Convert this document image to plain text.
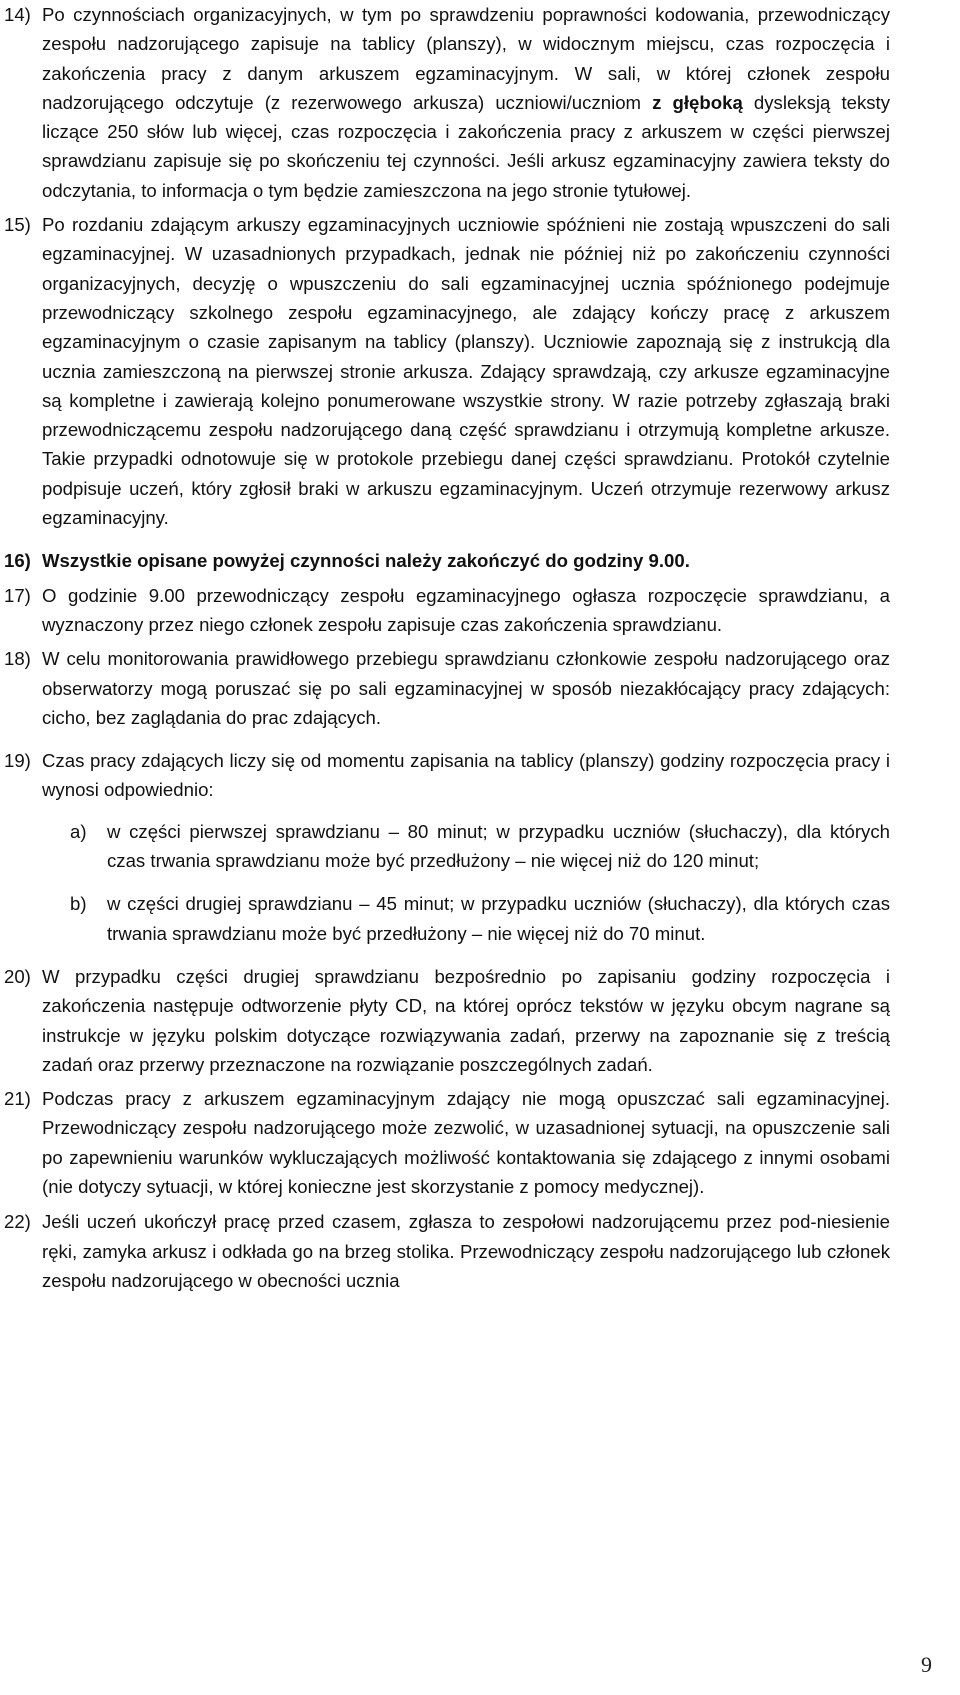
14) Po czynnościach organizacyjnych, w tym po sprawdzeniu poprawności kodowania, przewodniczący zespołu nadzorującego zapisuje na tablicy (planszy), w widocznym miejscu, czas rozpoczęcia i zakończenia pracy z danym arkuszem egzaminacyjnym. W sali, w której członek zespołu nadzorującego odczytuje (z rezerwowego arkusza) uczniowi/uczniom z głęboką dysleksją teksty liczące 250 słów lub więcej, czas rozpoczęcia i zakończenia pracy z arkuszem w części pierwszej sprawdzianu zapisuje się po skończeniu tej czynności. Jeśli arkusz egzaminacyjny zawiera teksty do odczytania, to informacja o tym będzie zamieszczona na jego stronie tytułowej.

15) Po rozdaniu zdającym arkuszy egzaminacyjnych uczniowie spóźnieni nie zostają wpuszczeni do sali egzaminacyjnej. W uzasadnionych przypadkach, jednak nie później niż po zakończeniu czynności organizacyjnych, decyzję o wpuszczeniu do sali egzaminacyjnej ucznia spóźnionego podejmuje przewodniczący szkolnego zespołu egzaminacyjnego, ale zdający kończy pracę z arkuszem egzaminacyjnym o czasie zapisanym na tablicy (planszy). Uczniowie zapoznają się z instrukcją dla ucznia zamieszczoną na pierwszej stronie arkusza. Zdający sprawdzają, czy arkusze egzaminacyjne są kompletne i zawierają kolejno ponumerowane wszystkie strony. W razie potrzeby zgłaszają braki przewodniczącemu zespołu nadzorującego daną część sprawdzianu i otrzymują kompletne arkusze. Takie przypadki odnotowuje się w protokole przebiegu danej części sprawdzianu. Protokół czytelnie podpisuje uczeń, który zgłosił braki w arkuszu egzaminacyjnym. Uczeń otrzymuje rezerwowy arkusz egzaminacyjny.

16) Wszystkie opisane powyżej czynności należy zakończyć do godziny 9.00.

17) O godzinie 9.00 przewodniczący zespołu egzaminacyjnego ogłasza rozpoczęcie sprawdzianu, a wyznaczony przez niego członek zespołu zapisuje czas zakończenia sprawdzianu.

18) W celu monitorowania prawidłowego przebiegu sprawdzianu członkowie zespołu nadzorującego oraz obserwatorzy mogą poruszać się po sali egzaminacyjnej w sposób niezakłócający pracy zdających: cicho, bez zaglądania do prac zdających.

19) Czas pracy zdających liczy się od momentu zapisania na tablicy (planszy) godziny rozpoczęcia pracy i wynosi odpowiednio:

a)	w części pierwszej sprawdzianu – 80 minut; w przypadku uczniów (słuchaczy), dla których czas trwania sprawdzianu może być przedłużony – nie więcej niż do 120 minut;

b)	w części drugiej sprawdzianu – 45 minut; w przypadku uczniów (słuchaczy), dla których czas trwania sprawdzianu może być przedłużony – nie więcej niż do 70 minut.

20) W przypadku części drugiej sprawdzianu bezpośrednio po zapisaniu godziny rozpoczęcia i zakończenia następuje odtworzenie płyty CD, na której oprócz tekstów w języku obcym nagrane są instrukcje w języku polskim dotyczące rozwiązywania zadań, przerwy na zapoznanie się z treścią zadań oraz przerwy przeznaczone na rozwiązanie poszczególnych zadań.

21) Podczas pracy z arkuszem egzaminacyjnym zdający nie mogą opuszczać sali egzaminacyjnej. Przewodniczący zespołu nadzorującego może zezwolić, w uzasadnionej sytuacji, na opuszczenie sali po zapewnieniu warunków wykluczających możliwość kontaktowania się zdającego z innymi osobami (nie dotyczy sytuacji, w której konieczne jest skorzystanie z pomocy medycznej).

22) Jeśli uczeń ukończył pracę przed czasem, zgłasza to zespołowi nadzorującemu przez pod-niesienie ręki, zamyka arkusz i odkłada go na brzeg stolika. Przewodniczący zespołu nadzorującego lub członek zespołu nadzorującego w obecności ucznia

9
